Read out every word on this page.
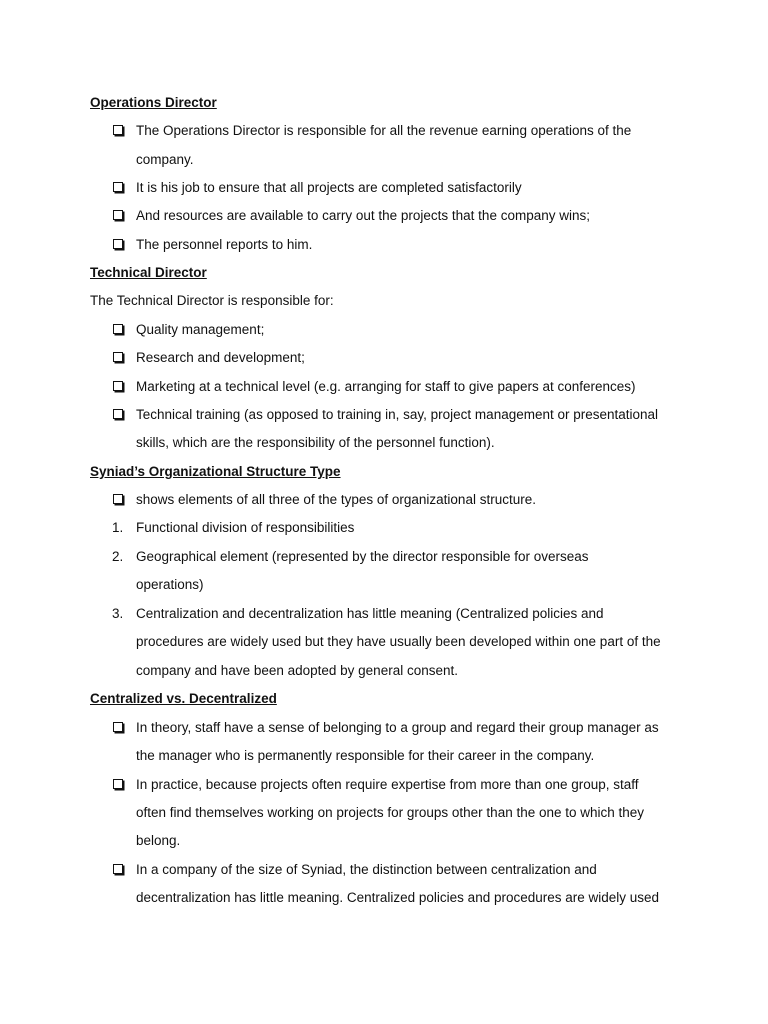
Operations Director
The Operations Director is responsible for all the revenue earning operations of the
company.
It is his job to ensure that all projects are completed satisfactorily
And resources are available to carry out the projects that the company wins;
The personnel reports to him.
Technical Director
The Technical Director is responsible for:
Quality management;
Research and development;
Marketing at a technical level (e.g. arranging for staff to give papers at conferences)
Technical training (as opposed to training in, say, project management or presentational
skills, which are the responsibility of the personnel function).
Syniad’s Organizational Structure Type
shows elements of all three of the types of organizational structure.
1. Functional division of responsibilities
2. Geographical element (represented by the director responsible for overseas
operations)
3. Centralization and decentralization has little meaning (Centralized policies and
procedures are widely used but they have usually been developed within one part of the
company and have been adopted by general consent.
Centralized vs. Decentralized
In theory, staff have a sense of belonging to a group and regard their group manager as
the manager who is permanently responsible for their career in the company.
In practice, because projects often require expertise from more than one group, staff
often find themselves working on projects for groups other than the one to which they
belong.
In a company of the size of Syniad, the distinction between centralization and
decentralization has little meaning. Centralized policies and procedures are widely used
